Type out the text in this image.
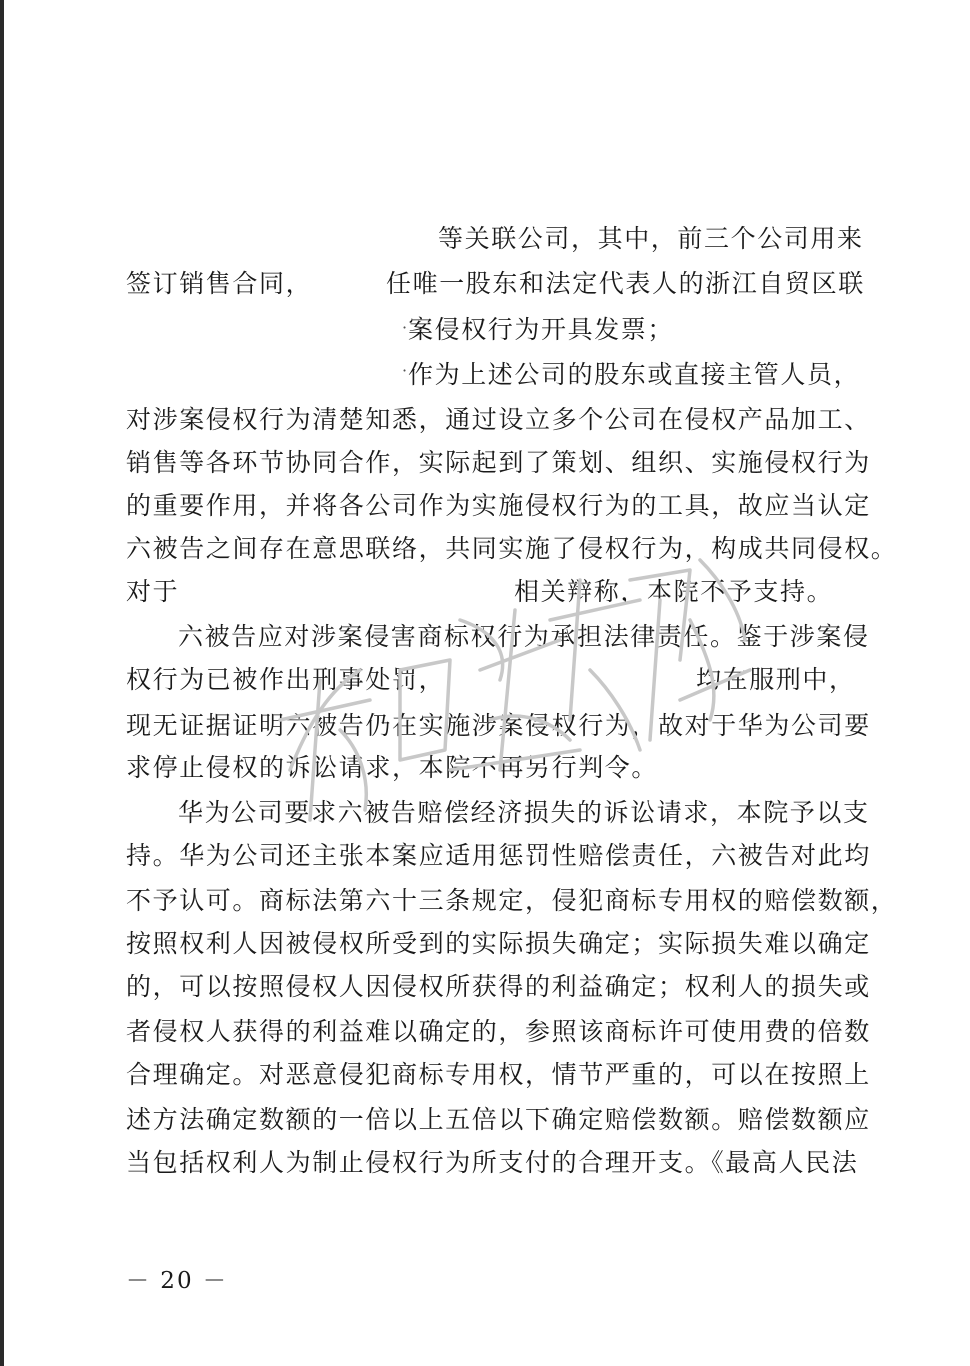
等关联公司，其中，前三个公司用来
签订销售合同，	任唯一股东和法定代表人的浙江自贸区联
· 案侵权行为开具发票；
· 作为上述公司的股东或直接主管人员，
对涉案侵权行为清楚知悉，通过设立多个公司在侵权产品加工、
销售等各环节协同合作，实际起到了策划、组织、实施侵权行为
的重要作用，并将各公司作为实施侵权行为的工具，故应当认定
六被告之间存在意思联络，共同实施了侵权行为，构成共同侵权。
对于	相关辩称，本院不予支持。
六被告应对涉案侵害商标权行为承担法律责任。鉴于涉案侵
权行为已被作出刑事处罚，	均在服刑中，
现无证据证明六被告仍在实施涉案侵权行为，故对于华为公司要
求停止侵权的诉讼请求，本院不再另行判令。
华为公司要求六被告赔偿经济损失的诉讼请求，本院予以支
持。华为公司还主张本案应适用惩罚性赔偿责任，六被告对此均
不予认可。商标法第六十三条规定，侵犯商标专用权的赔偿数额，
按照权利人因被侵权所受到的实际损失确定；实际损失难以确定
的，可以按照侵权人因侵权所获得的利益确定；权利人的损失或
者侵权人获得的利益难以确定的，参照该商标许可使用费的倍数
合理确定。对恶意侵犯商标专用权，情节严重的，可以在按照上
述方法确定数额的一倍以上五倍以下确定赔偿数额。赔偿数额应
当包括权利人为制止侵权行为所支付的合理开支。《最高人民法
－ 20 －
